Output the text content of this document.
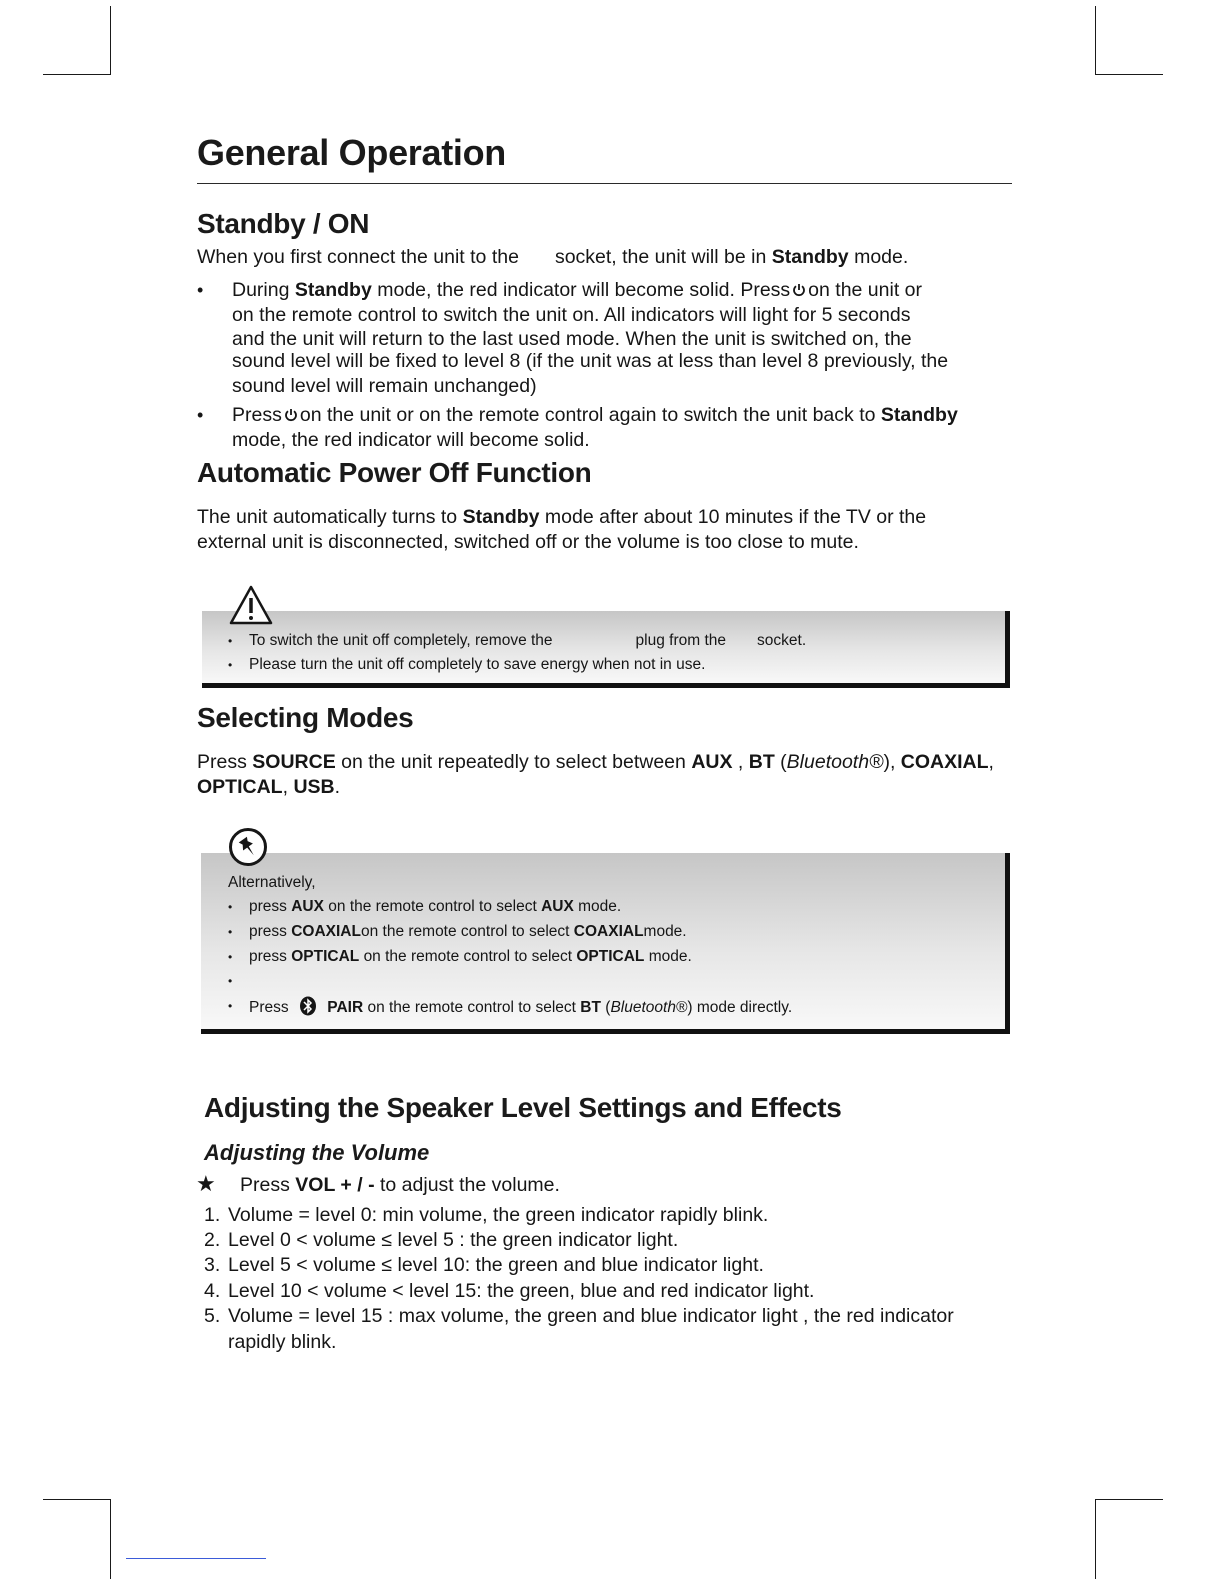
General Operation
Standby / ON

When you first connect the unit to the socket, the unit will be in Standby mode.

• During Standby mode, the red indicator will become solid. Press on the unit or

on the remote control to switch the unit on. All indicators will light for 5 seconds

and the unit will return to the last used mode. When the unit is switched on, the

sound level will be fixed to level 8 (if the unit was at less than level 8 previously, the

sound level will remain unchanged)

• Press on the unit or on the remote control again to switch the unit back to Standby

mode, the red indicator will become solid.

Automatic Power Off Function

The unit automatically turns to Standby mode after about 10 minutes if the TV or the

external unit is disconnected, switched off or the volume is too close to mute.

• To switch the unit off completely, remove the	plug from the socket.

• Please turn the unit off completely to save energy when not in use.

Selecting Modes

Press SOURCE on the unit repeatedly to select between AUX , BT (Bluetooth®), COAXIAL,

OPTICAL, USB.

Alternatively,

• press AUX on the remote control to select AUX mode.

• press COAXIALon the remote control to select COAXIALmode.

• press OPTICAL on the remote control to select OPTICAL mode.

•
• Press PAIR on the remote control to select BT (Bluetooth®) mode directly.

Adjusting the Speaker Level Settings and Effects
Adjusting the Volume
★ Press VOL + / - to adjust the volume.

1. Volume = level 0: min volume, the green indicator rapidly blink.

2. Level 0 < volume ≤ level 5 : the green indicator light.

3. Level 5 < volume ≤ level 10: the green and blue indicator light.

4. Level 10 < volume < level 15: the green, blue and red indicator light.

5. Volume = level 15 : max volume, the green and blue indicator light , the red indicator

rapidly blink.
